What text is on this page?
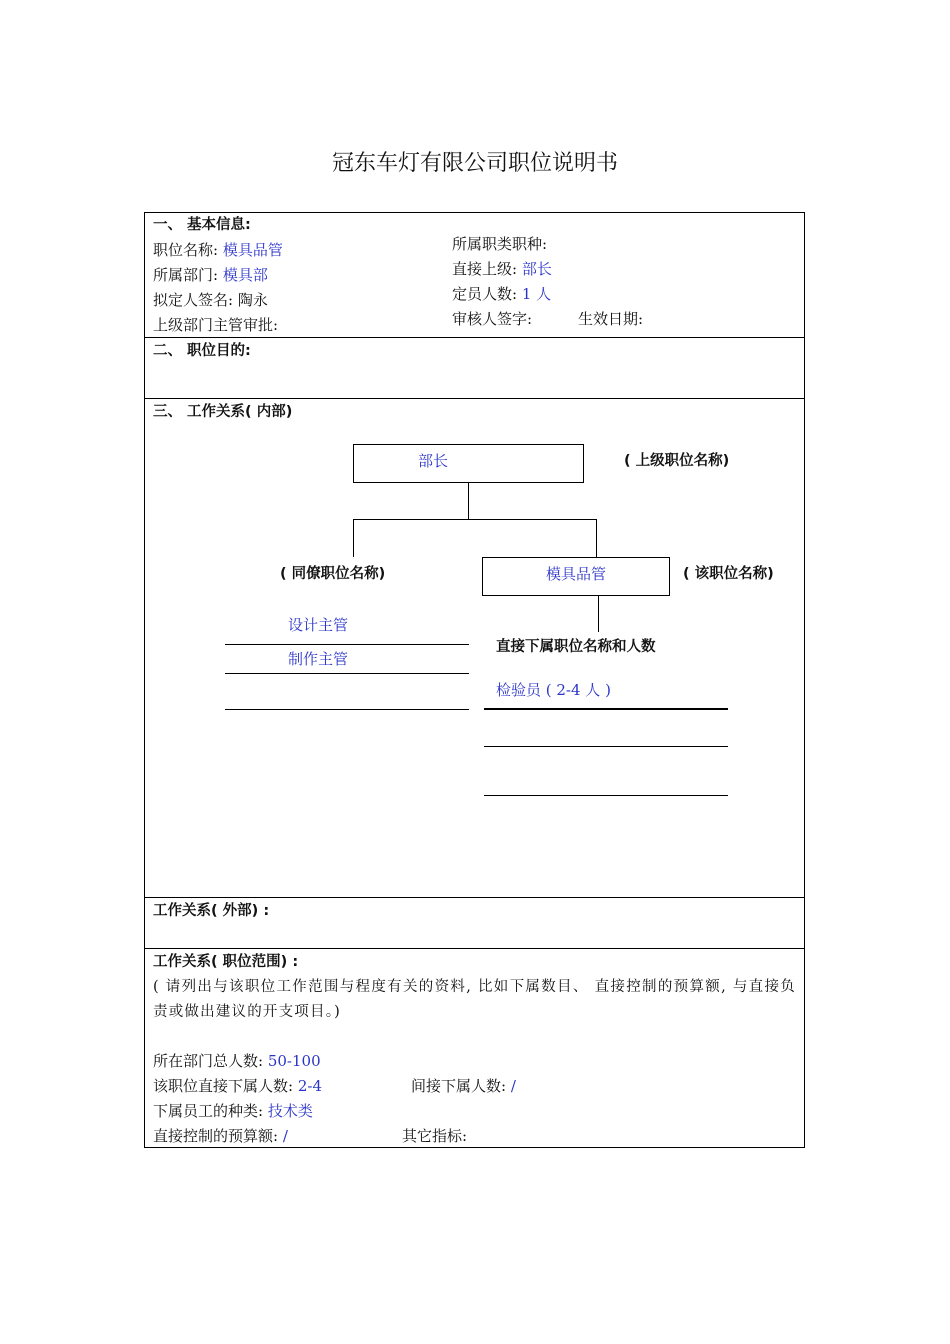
冠东车灯有限公司职位说明书
一、 基本信息:
职位名称: 模具品管
所属部门: 模具部
拟定人签名: 陶永
上级部门主管审批:
所属职类职种:
直接上级: 部长
定员人数: 1 人
审核人签字:	生效日期:
二、 职位目的:
三、 工作关系( 内部)
部长	( 上级职位名称)
( 同僚职位名称)	模具品管	( 该职位名称)
设计主管
制作主管
直接下属职位名称和人数
检验员 ( 2-4 人 )
工作关系( 外部) :
工作关系( 职位范围) :
( 请列出与该职位工作范围与程度有关的资料, 比如下属数目、 直接控制的预算额, 与直接负责或做出建议的开支项目。)
所在部门总人数: 50-100
该职位直接下属人数: 2-4	间接下属人数: /
下属员工的种类: 技术类
直接控制的预算额: /	其它指标:
